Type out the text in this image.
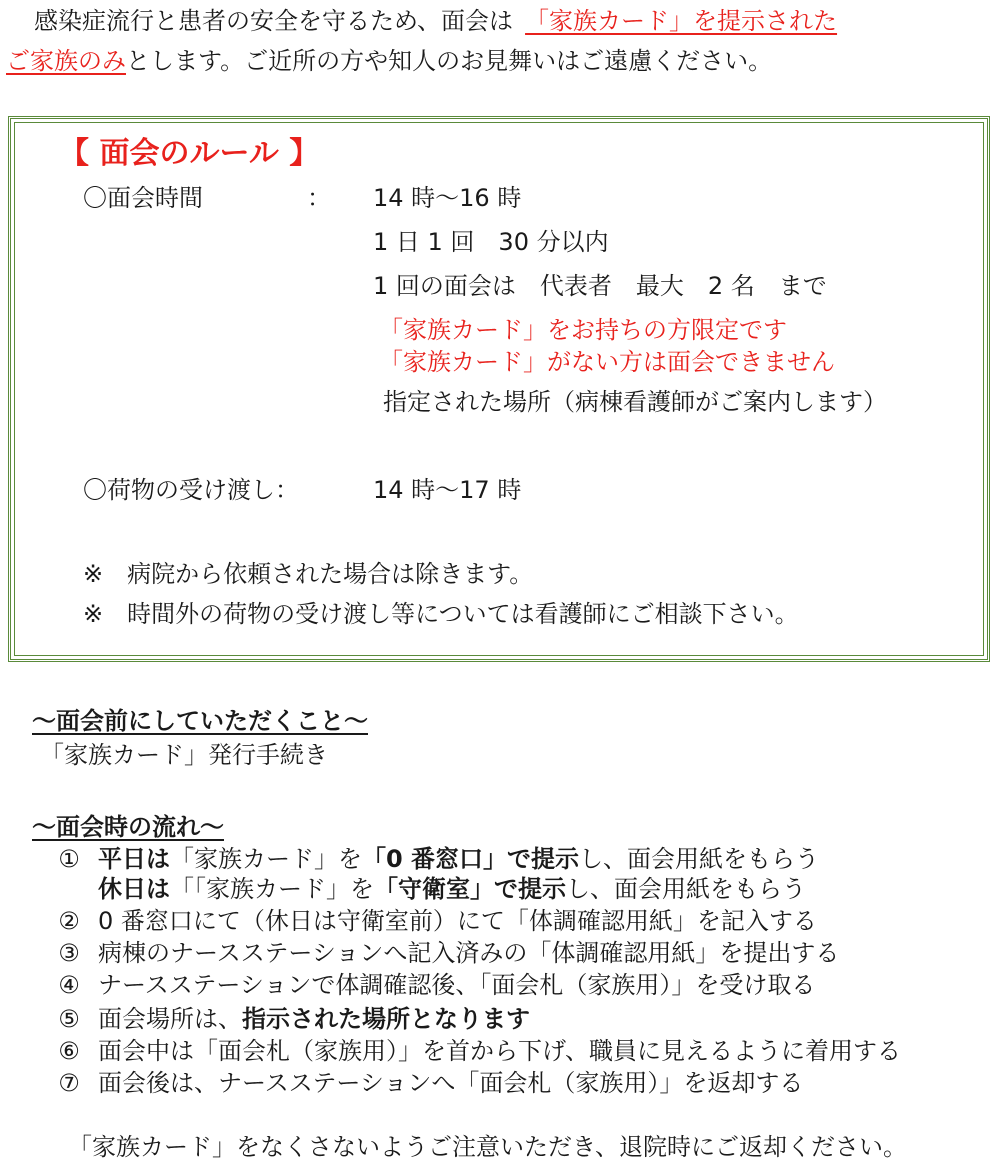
感染症流行と患者の安全を守るため、面会は 「家族カード」を提示された
ご家族のみとします。ご近所の方や知人のお見舞いはご遠慮ください。
【 面会のルール 】
〇面会時間	： 14 時～16 時
1 日 1 回　30 分以内
1 回の面会は　代表者　最大　2 名　まで
「家族カード」をお持ちの方限定です
「家族カード」がない方は面会できません
指定された場所（病棟看護師がご案内します）
〇荷物の受け渡し：	14 時～17 時
※　病院から依頼された場合は除きます。
※　時間外の荷物の受け渡し等については看護師にご相談下さい。
～面会前にしていただくこと～
「家族カード」発行手続き
～面会時の流れ～
① 平日は「家族カード」を「0 番窓口」で提示し、面会用紙をもらう
休日は「「家族カード」を「守衛室」で提示し、面会用紙をもらう
② 0 番窓口にて（休日は守衛室前）にて「体調確認用紙」を記入する
③ 病棟のナースステーションへ記入済みの「体調確認用紙」を提出する
④ ナースステーションで体調確認後、「面会札（家族用）」を受け取る
⑤ 面会場所は、指示された場所となります
⑥ 面会中は「面会札（家族用）」を首から下げ、職員に見えるように着用する
⑦ 面会後は、ナースステーションへ「面会札（家族用）」を返却する
「家族カード」をなくさないようご注意いただき、退院時にご返却ください。
